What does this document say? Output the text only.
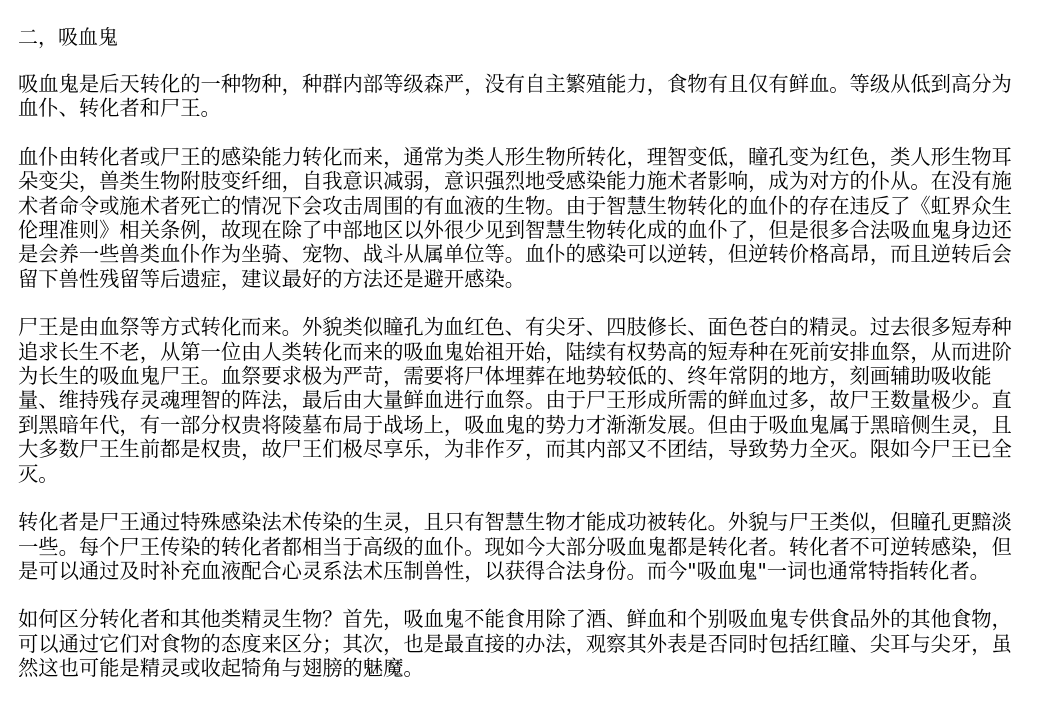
二，吸血鬼

吸血鬼是后天转化的一种物种，种群内部等级森严，没有自主繁殖能力，食物有且仅有鲜血。等级从低到高分为血仆、转化者和尸王。

血仆由转化者或尸王的感染能力转化而来，通常为类人形生物所转化，理智变低，瞳孔变为红色，类人形生物耳朵变尖，兽类生物附肢变纤细，自我意识减弱，意识强烈地受感染能力施术者影响，成为对方的仆从。在没有施术者命令或施术者死亡的情况下会攻击周围的有血液的生物。由于智慧生物转化的血仆的存在违反了《虹界众生伦理准则》相关条例，故现在除了中部地区以外很少见到智慧生物转化成的血仆了，但是很多合法吸血鬼身边还是会养一些兽类血仆作为坐骑、宠物、战斗从属单位等。血仆的感染可以逆转，但逆转价格高昂，而且逆转后会留下兽性残留等后遗症，建议最好的方法还是避开感染。

尸王是由血祭等方式转化而来。外貌类似瞳孔为血红色、有尖牙、四肢修长、面色苍白的精灵。过去很多短寿种追求长生不老，从第一位由人类转化而来的吸血鬼始祖开始，陆续有权势高的短寿种在死前安排血祭，从而进阶为长生的吸血鬼尸王。血祭要求极为严苛，需要将尸体埋葬在地势较低的、终年常阴的地方，刻画辅助吸收能量、维持残存灵魂理智的阵法，最后由大量鲜血进行血祭。由于尸王形成所需的鲜血过多，故尸王数量极少。直到黑暗年代，有一部分权贵将陵墓布局于战场上，吸血鬼的势力才渐渐发展。但由于吸血鬼属于黑暗侧生灵，且大多数尸王生前都是权贵，故尸王们极尽享乐，为非作歹，而其内部又不团结，导致势力全灭。限如今尸王已全灭。

转化者是尸王通过特殊感染法术传染的生灵，且只有智慧生物才能成功被转化。外貌与尸王类似，但瞳孔更黯淡一些。每个尸王传染的转化者都相当于高级的血仆。现如今大部分吸血鬼都是转化者。转化者不可逆转感染，但是可以通过及时补充血液配合心灵系法术压制兽性，以获得合法身份。而今"吸血鬼"一词也通常特指转化者。

如何区分转化者和其他类精灵生物？首先，吸血鬼不能食用除了酒、鲜血和个别吸血鬼专供食品外的其他食物，可以通过它们对食物的态度来区分；其次，也是最直接的办法，观察其外表是否同时包括红瞳、尖耳与尖牙，虽然这也可能是精灵或收起犄角与翅膀的魅魔。
